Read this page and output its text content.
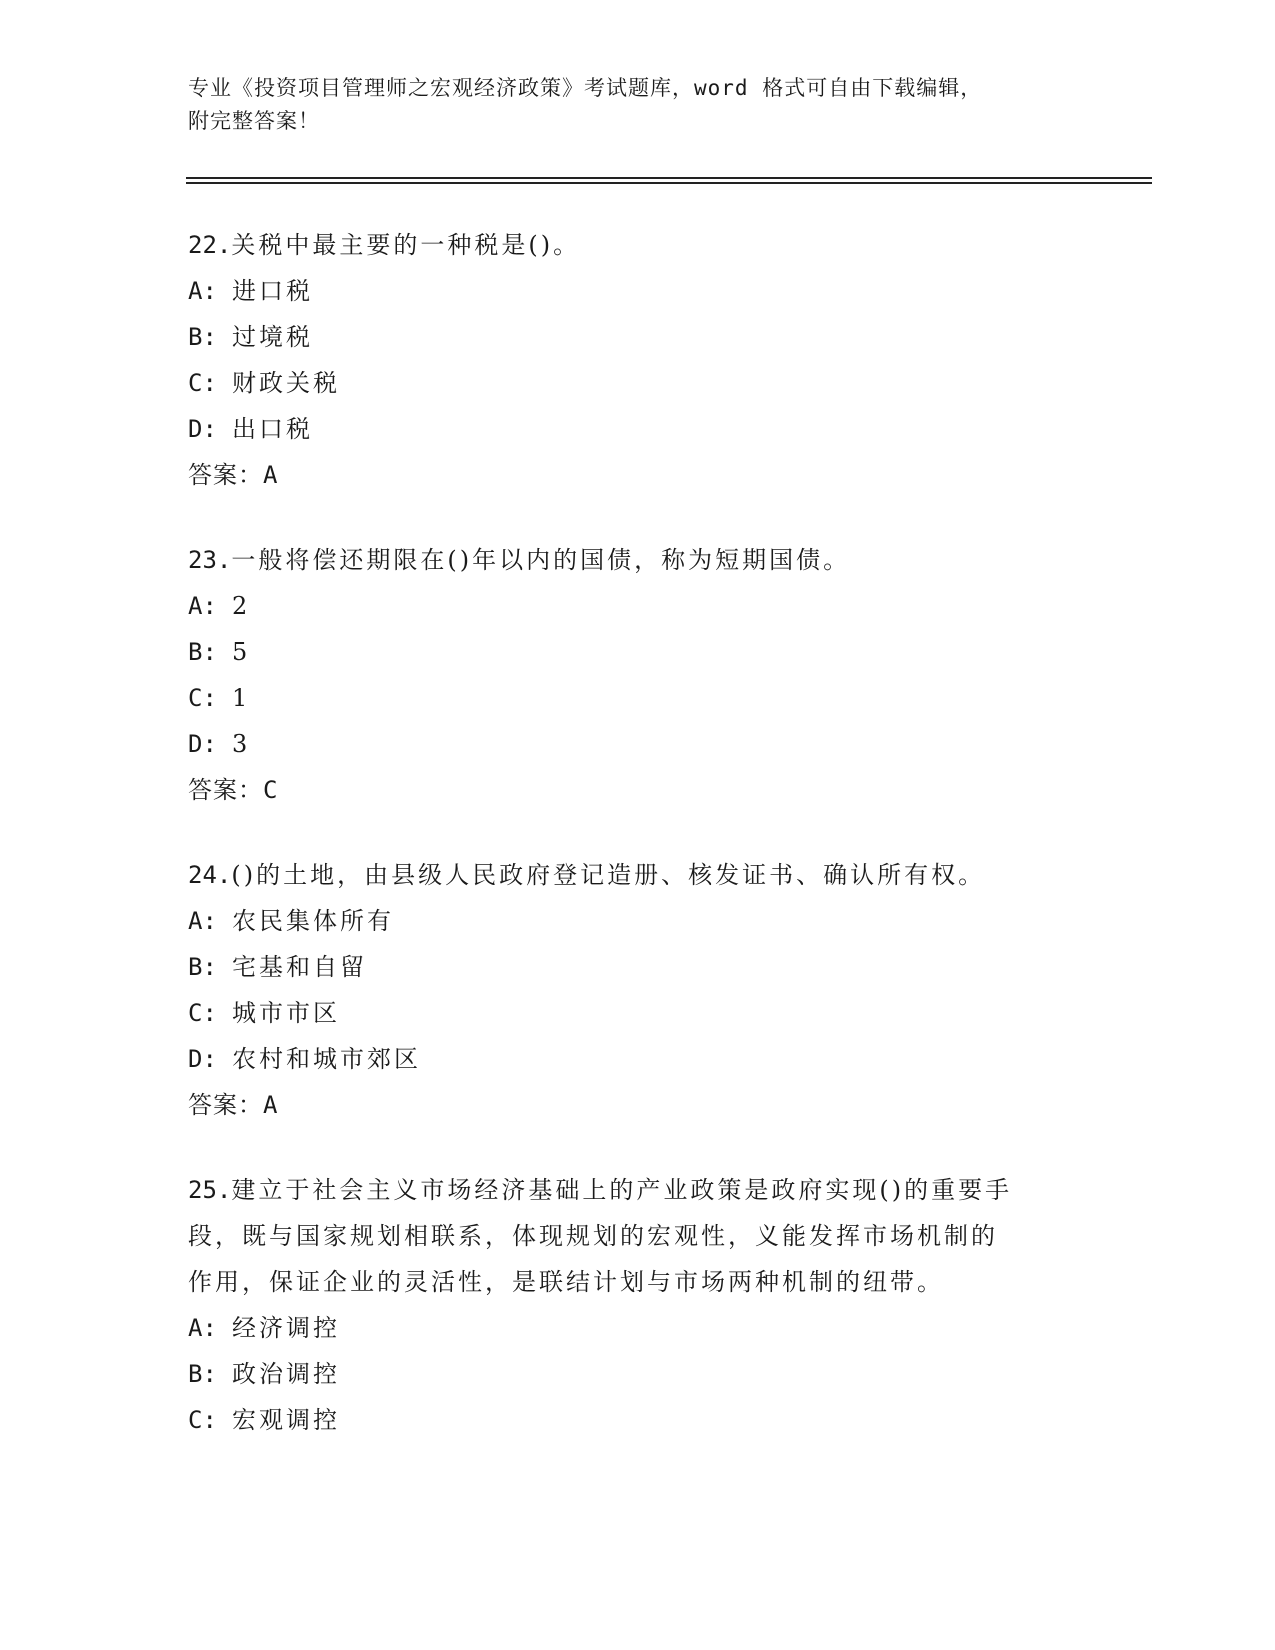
专业《投资项目管理师之宏观经济政策》考试题库，word 格式可自由下载编辑，
附完整答案！

22.关税中最主要的一种税是()。

A: 进口税

B: 过境税

C: 财政关税

D: 出口税

答案：A

23.一般将偿还期限在()年以内的国债，称为短期国债。

A: 2

B: 5

C: 1

D: 3

答案：C

24.()的土地，由县级人民政府登记造册、核发证书、确认所有权。

A: 农民集体所有

B: 宅基和自留

C: 城市市区

D: 农村和城市郊区

答案：A

25.建立于社会主义市场经济基础上的产业政策是政府实现()的重要手

段，既与国家规划相联系，体现规划的宏观性，义能发挥市场机制的

作用，保证企业的灵活性，是联结计划与市场两种机制的纽带。

A: 经济调控

B: 政治调控

C: 宏观调控
